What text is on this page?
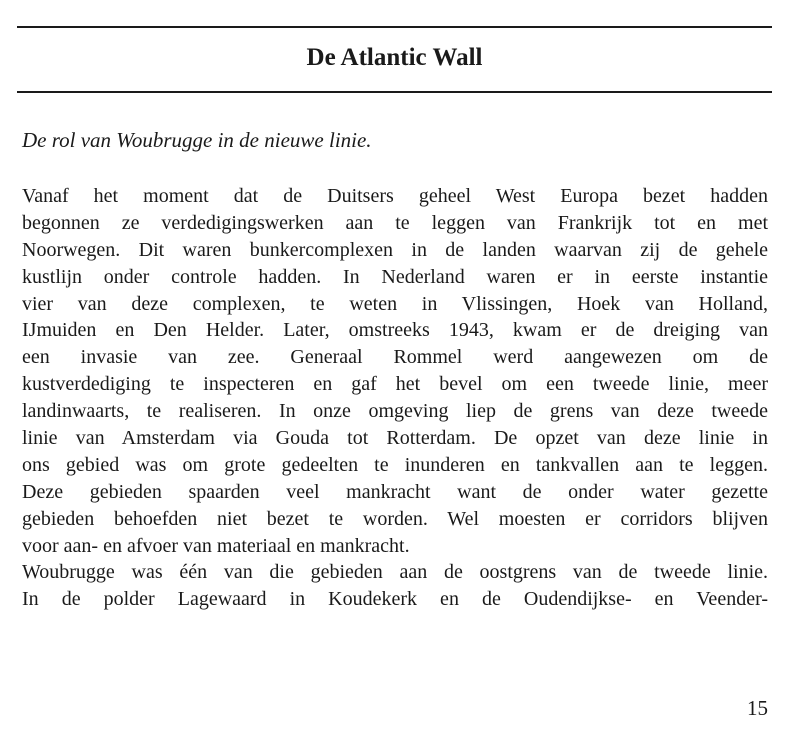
De Atlantic Wall

De rol van Woubrugge in de nieuwe linie.

Vanaf het moment dat de Duitsers geheel West Europa bezet hadden
begonnen ze verdedigingswerken aan te leggen van Frankrijk tot en met
Noorwegen. Dit waren bunkercomplexen in de landen waarvan zij de gehele
kustlijn onder controle hadden. In Nederland waren er in eerste instantie
vier van deze complexen, te weten in Vlissingen, Hoek van Holland,
IJmuiden en Den Helder. Later, omstreeks 1943, kwam er de dreiging van
een invasie van zee. Generaal Rommel werd aangewezen om de
kustverdediging te inspecteren en gaf het bevel om een tweede linie, meer
landinwaarts, te realiseren. In onze omgeving liep de grens van deze tweede
linie van Amsterdam via Gouda tot Rotterdam. De opzet van deze linie in
ons gebied was om grote gedeelten te inunderen en tankvallen aan te leggen.
Deze gebieden spaarden veel mankracht want de onder water gezette
gebieden behoefden niet bezet te worden. Wel moesten er corridors blijven
voor aan- en afvoer van materiaal en mankracht.
Woubrugge was één van die gebieden aan de oostgrens van de tweede linie.
In de polder Lagewaard in Koudekerk en de Oudendijkse- en Veender-

15
